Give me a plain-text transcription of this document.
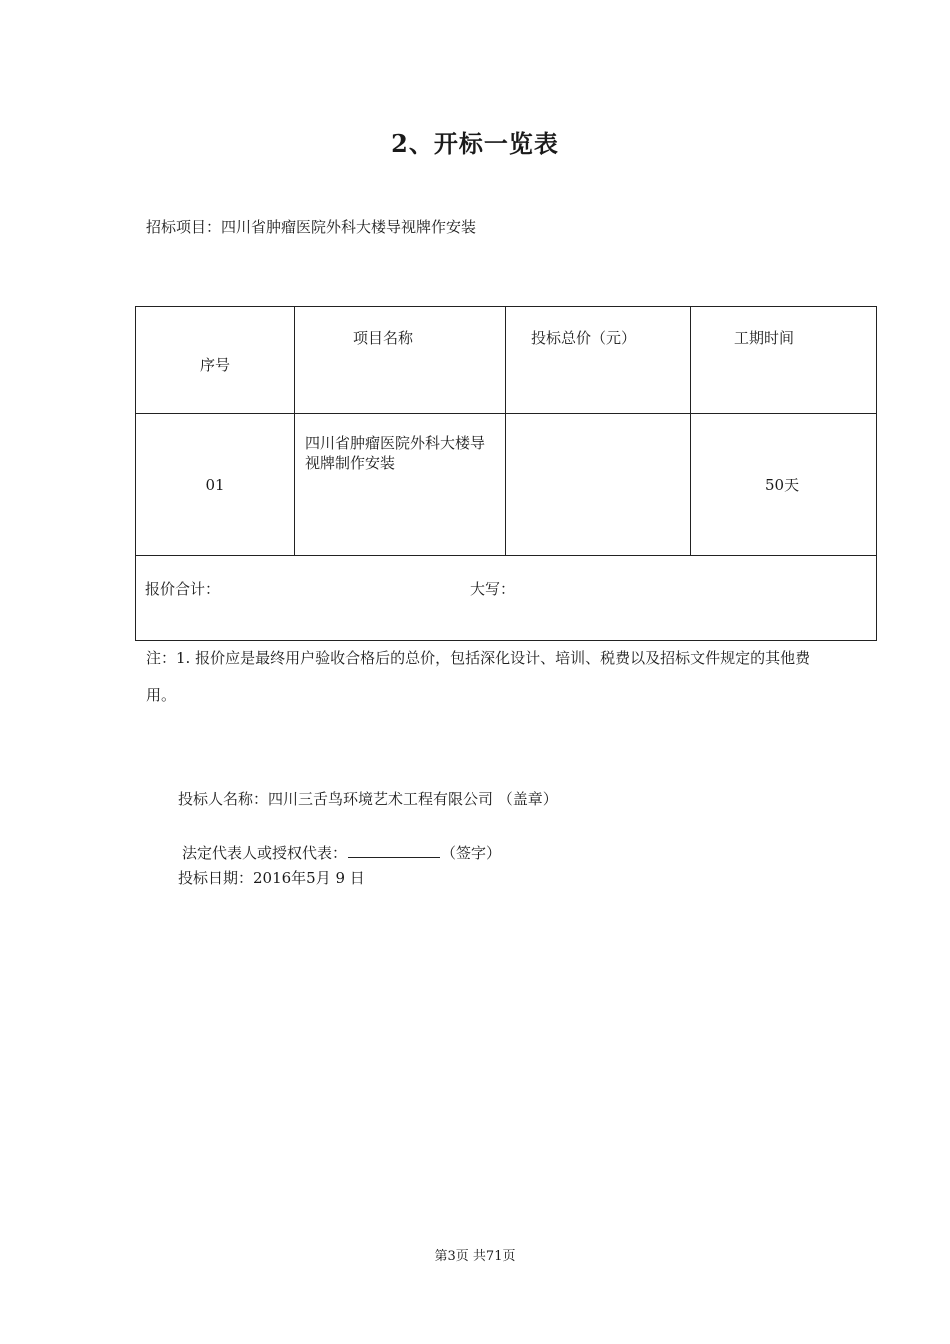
2、开标一览表
招标项目：四川省肿瘤医院外科大楼导视牌作安装
序号	项目名称	投标总价（元）	工期时间
01	四川省肿瘤医院外科大楼导视牌制作安装		50天

报价合计： 大写：			
注：1. 报价应是最终用户验收合格后的总价，包括深化设计、培训、税费以及招标文件规定的其他费用。
投标人名称：四川三舌鸟环境艺术工程有限公司 （盖章）
法定代表人或授权代表：	（签字）
投标日期：2016年5月 9 日
第3页 共71页
